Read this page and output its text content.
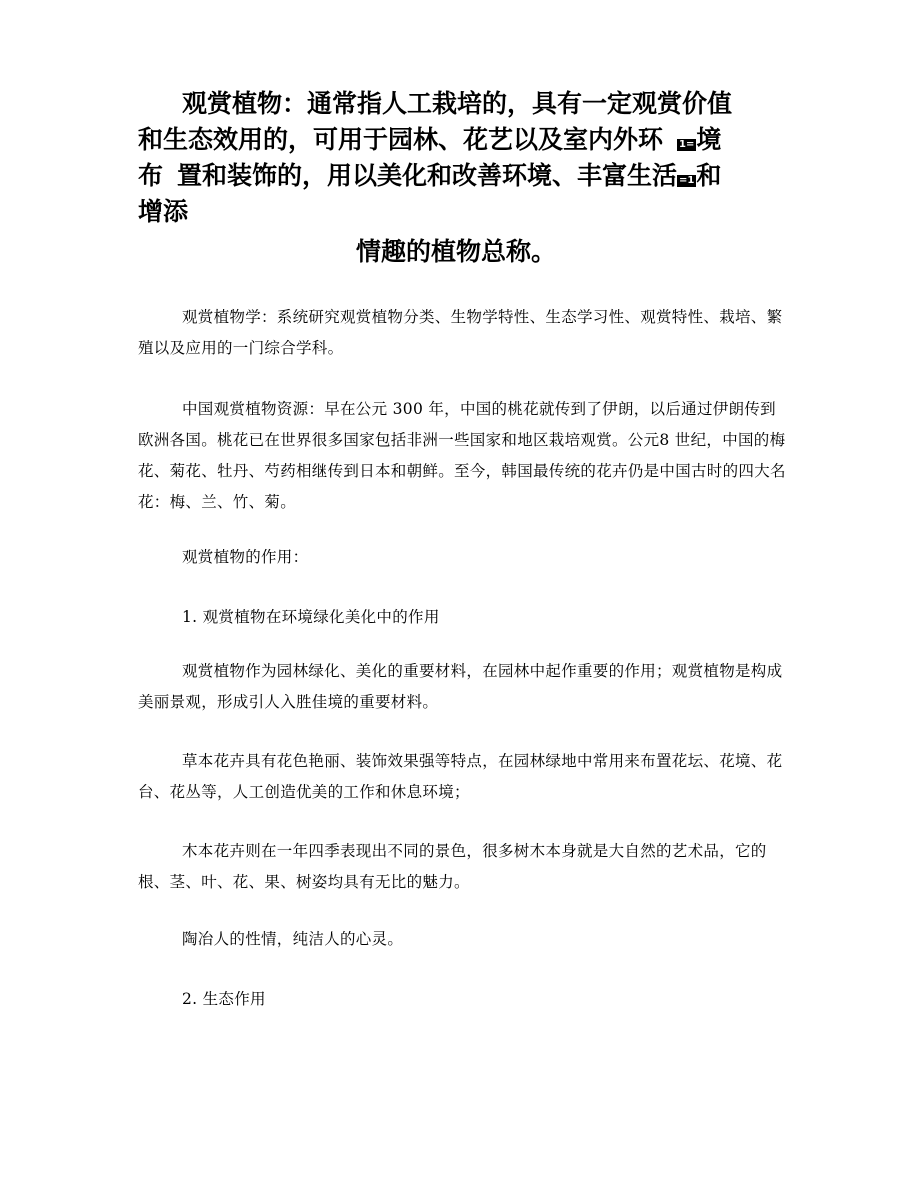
观赏植物：通常指人工栽培的，具有一定观赏价值
和生态效用的，可用于园林、花艺以及室内外环 1=境
布 置和装饰的，用以美化和改善环境、丰富生活 =1和
增添
情趣的植物总称。
观赏植物学：系统研究观赏植物分类、生物学特性、生态学习性、观赏特性、栽培、繁殖以及应用的一门综合学科。
中国观赏植物资源：早在公元 300 年，中国的桃花就传到了伊朗，以后通过伊朗传到欧洲各国。桃花已在世界很多国家包括非洲一些国家和地区栽培观赏。公元8 世纪，中国的梅花、菊花、牡丹、芍药相继传到日本和朝鲜。至今，韩国最传统的花卉仍是中国古时的四大名花：梅、兰、竹、菊。
观赏植物的作用：
1. 观赏植物在环境绿化美化中的作用
观赏植物作为园林绿化、美化的重要材料，在园林中起作重要的作用；观赏植物是构成美丽景观，形成引人入胜佳境的重要材料。
草本花卉具有花色艳丽、装饰效果强等特点，在园林绿地中常用来布置花坛、花境、花台、花丛等，人工创造优美的工作和休息环境；
木本花卉则在一年四季表现出不同的景色，很多树木本身就是大自然的艺术品，它的根、茎、叶、花、果、树姿均具有无比的魅力。
陶冶人的性情，纯洁人的心灵。
2. 生态作用
